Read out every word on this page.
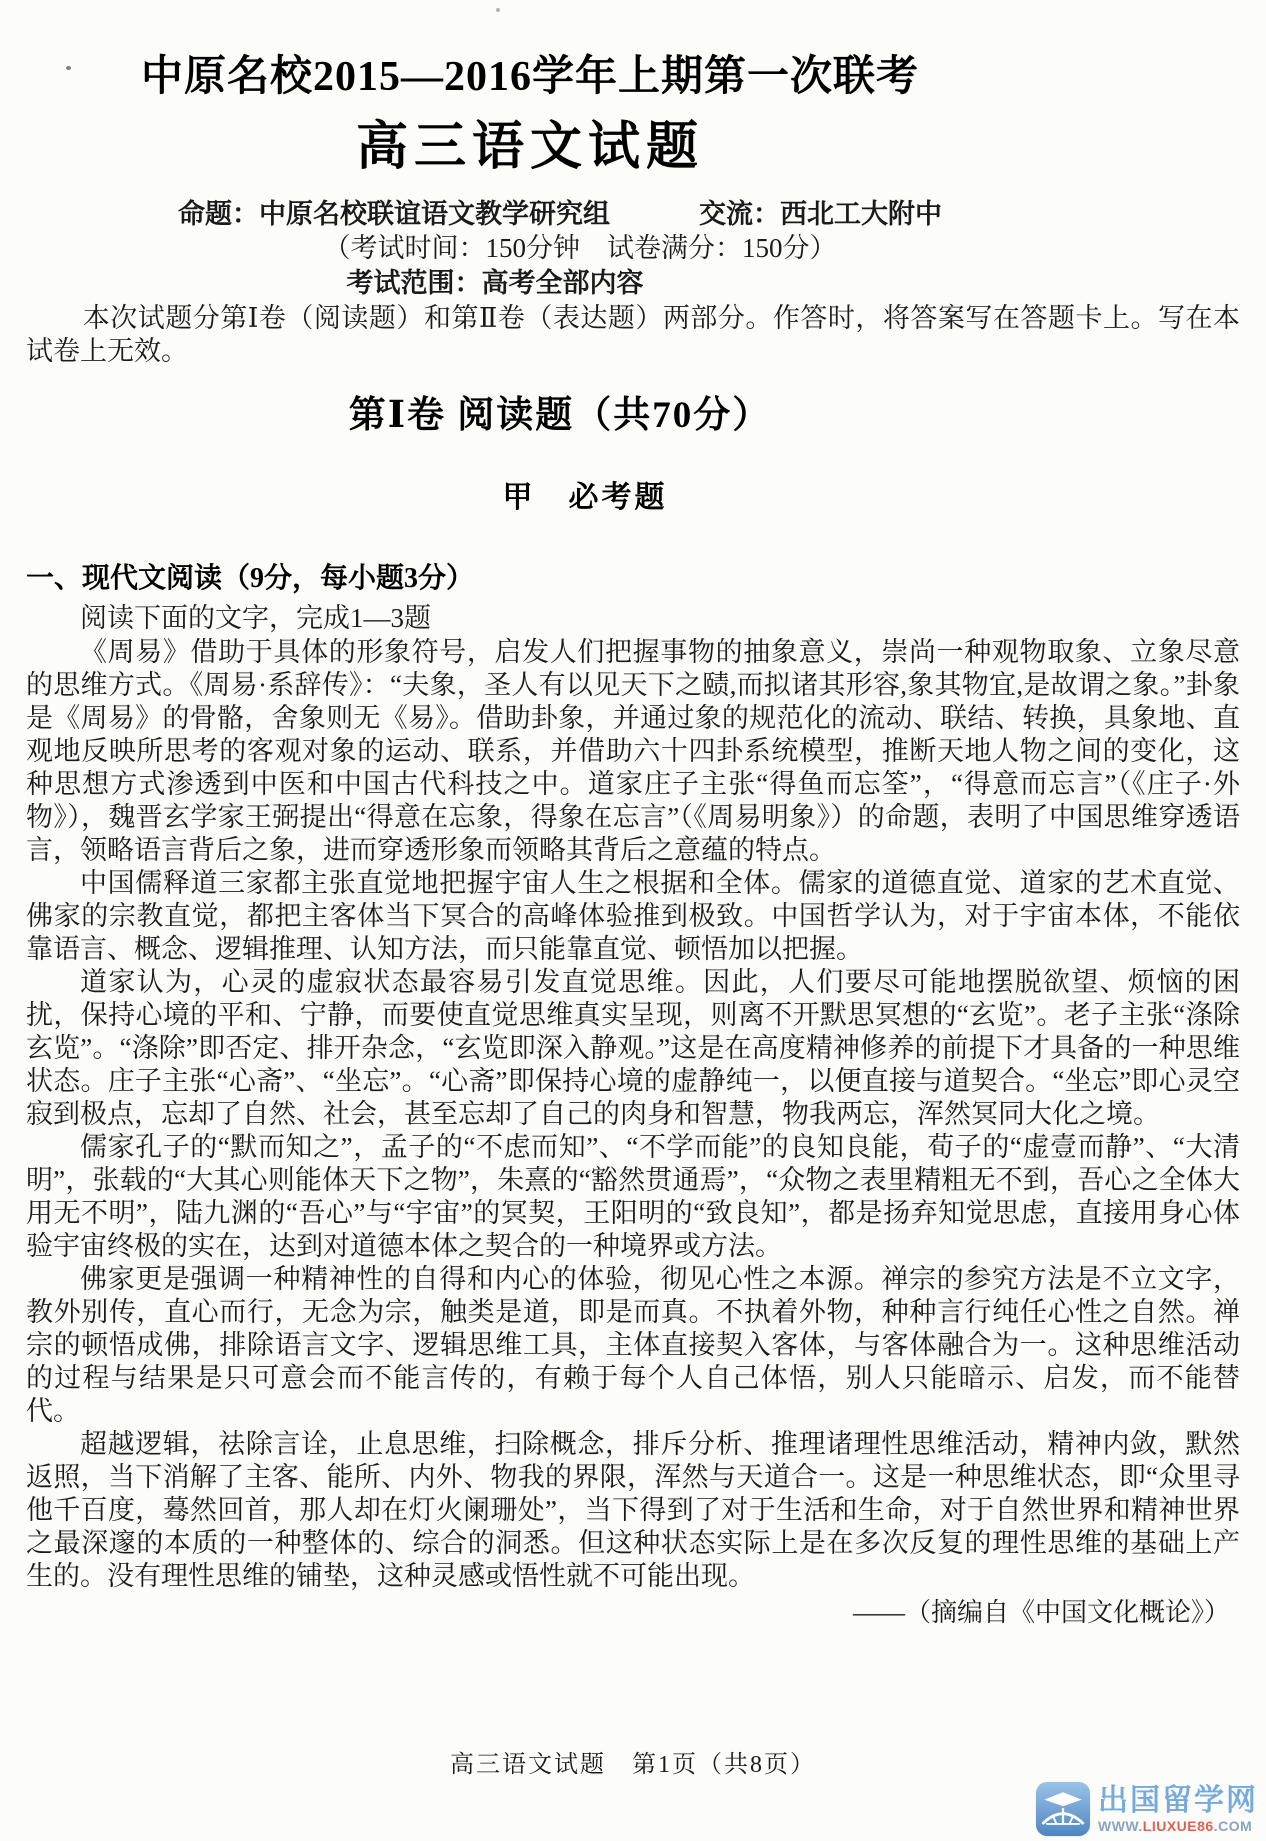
中原名校2015—2016学年上期第一次联考
高三语文试题
命题：中原名校联谊语文教学研究组	交流：西北工大附中
（考试时间：150分钟　试卷满分：150分）
考试范围：高考全部内容

本次试题分第Ⅰ卷（阅读题）和第Ⅱ卷（表达题）两部分。作答时，将答案写在答题卡上。写在本试卷上无效。

第Ⅰ卷 阅读题（共70分）
甲　必考题
一、现代文阅读（9分，每小题3分）

阅读下面的文字，完成1—3题

《周易》借助于具体的形象符号，启发人们把握事物的抽象意义，崇尚一种观物取象、立象尽意的思维方式。《周易·系辞传》：“夫象，圣人有以见天下之赜,而拟诸其形容,象其物宜,是故谓之象。”卦象是《周易》的骨骼，舍象则无《易》。借助卦象，并通过象的规范化的流动、联结、转换，具象地、直观地反映所思考的客观对象的运动、联系，并借助六十四卦系统模型，推断天地人物之间的变化，这种思想方式渗透到中医和中国古代科技之中。道家庄子主张“得鱼而忘筌”，“得意而忘言”（《庄子·外物》），魏晋玄学家王弼提出“得意在忘象，得象在忘言”（《周易明象》）的命题，表明了中国思维穿透语言，领略语言背后之象，进而穿透形象而领略其背后之意蕴的特点。

中国儒释道三家都主张直觉地把握宇宙人生之根据和全体。儒家的道德直觉、道家的艺术直觉、佛家的宗教直觉，都把主客体当下冥合的高峰体验推到极致。中国哲学认为，对于宇宙本体，不能依靠语言、概念、逻辑推理、认知方法，而只能靠直觉、顿悟加以把握。

道家认为，心灵的虚寂状态最容易引发直觉思维。因此，人们要尽可能地摆脱欲望、烦恼的困扰，保持心境的平和、宁静，而要使直觉思维真实呈现，则离不开默思冥想的“玄览”。老子主张“涤除玄览”。“涤除”即否定、排开杂念，“玄览即深入静观。”这是在高度精神修养的前提下才具备的一种思维状态。庄子主张“心斋”、“坐忘”。“心斋”即保持心境的虚静纯一，以便直接与道契合。“坐忘”即心灵空寂到极点，忘却了自然、社会，甚至忘却了自己的肉身和智慧，物我两忘，浑然冥同大化之境。

儒家孔子的“默而知之”，孟子的“不虑而知”、“不学而能”的良知良能，荀子的“虚壹而静”、“大清明”，张载的“大其心则能体天下之物”，朱熹的“豁然贯通焉”，“众物之表里精粗无不到，吾心之全体大用无不明”，陆九渊的“吾心”与“宇宙”的冥契，王阳明的“致良知”，都是扬弃知觉思虑，直接用身心体验宇宙终极的实在，达到对道德本体之契合的一种境界或方法。

佛家更是强调一种精神性的自得和内心的体验，彻见心性之本源。禅宗的参究方法是不立文字，教外别传，直心而行，无念为宗，触类是道，即是而真。不执着外物，种种言行纯任心性之自然。禅宗的顿悟成佛，排除语言文字、逻辑思维工具，主体直接契入客体，与客体融合为一。这种思维活动的过程与结果是只可意会而不能言传的，有赖于每个人自己体悟，别人只能暗示、启发，而不能替代。

超越逻辑，祛除言诠，止息思维，扫除概念，排斥分析、推理诸理性思维活动，精神内敛，默然返照，当下消解了主客、能所、内外、物我的界限，浑然与天道合一。这是一种思维状态，即“众里寻他千百度，蓦然回首，那人却在灯火阑珊处”，当下得到了对于生活和生命，对于自然世界和精神世界之最深邃的本质的一种整体的、综合的洞悉。但这种状态实际上是在多次反复的理性思维的基础上产生的。没有理性思维的铺垫，这种灵感或悟性就不可能出现。

——（摘编自《中国文化概论》）

高三语文试题　第1页（共8页）
出国留学网
WWW.LIUXUE86.COM
